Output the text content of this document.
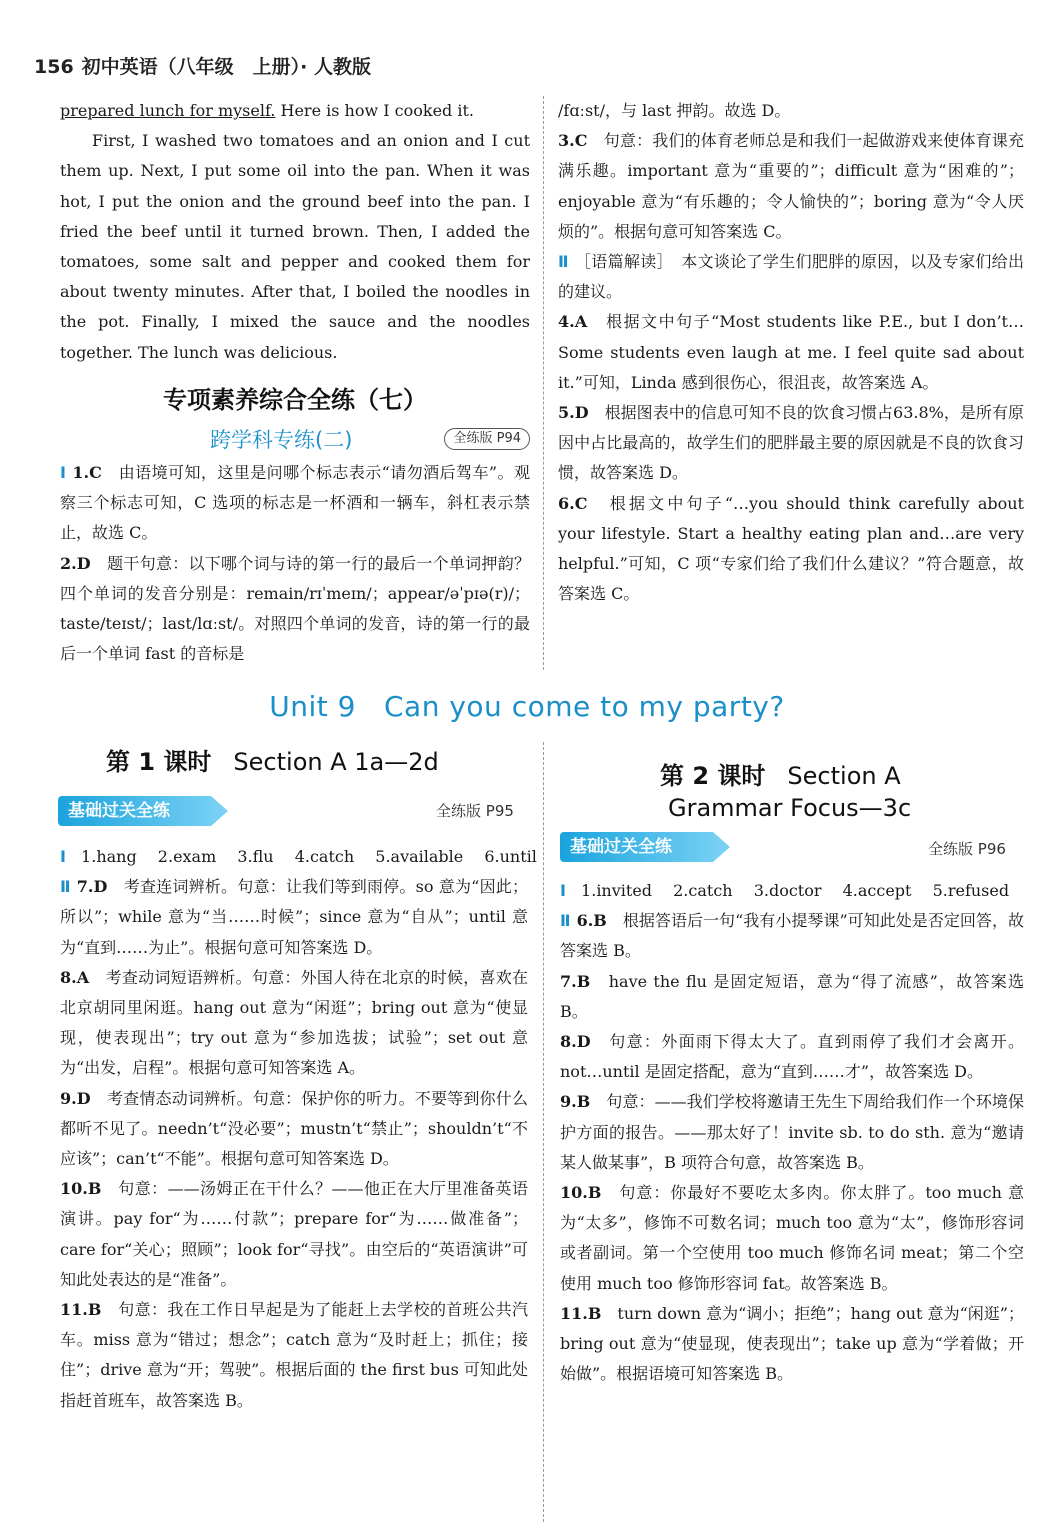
156 初中英语（八年级　上册）· 人教版

prepared lunch for myself. Here is how I cooked it.

First, I washed two tomatoes and an onion and I cut them up. Next, I put some oil into the pan. When it was hot, I put the onion and the ground beef into the pan. I fried the beef until it turned brown. Then, I added the tomatoes, some salt and pepper and cooked them for about twenty minutes. After that, I boiled the noodles in the pot. Finally, I mixed the sauce and the noodles together. The lunch was delicious.

专项素养综合全练（七）
跨学科专练(二)	全练版 P94

Ⅰ 1.C　 由语境可知，这里是问哪个标志表示“请勿酒后驾车”。观察三个标志可知，C 选项的标志是一杯酒和一辆车，斜杠表示禁止，故选 C。

2.D　 题干句意：以下哪个词与诗的第一行的最后一个单词押韵？四个单词的发音分别是：remain/rɪˈmeɪn/；appear/əˈpɪə(r)/；taste/teɪst/；last/lɑːst/。对照四个单词的发音，诗的第一行的最后一个单词 fast 的音标是

/fɑːst/，与 last 押韵。故选 D。

3.C　 句意：我们的体育老师总是和我们一起做游戏来使体育课充满乐趣。important 意为“重要的”；difficult 意为“困难的”；enjoyable 意为“有乐趣的；令人愉快的”；boring 意为“令人厌烦的”。根据句意可知答案选 C。

Ⅱ ［语篇解读］　本文谈论了学生们肥胖的原因，以及专家们给出的建议。

4.A　 根据文中句子“Most students like P.E., but I don’t…Some students even laugh at me. I feel quite sad about it.”可知，Linda 感到很伤心，很沮丧，故答案选 A。

5.D　 根据图表中的信息可知不良的饮食习惯占63.8%，是所有原因中占比最高的，故学生们的肥胖最主要的原因就是不良的饮食习惯，故答案选 D。

6.C　 根据文中句子“…you should think carefully about your lifestyle. Start a healthy eating plan and…are very helpful.”可知，C 项“专家们给了我们什么建议？”符合题意，故答案选 C。

Unit 9 Can you come to my party?
第 1 课时 Section A 1a—2d
基础过关全练	全练版 P95

Ⅰ 1.hang 2.exam 3.flu 4.catch 5.available 6.until

Ⅱ 7.D　 考查连词辨析。句意：让我们等到雨停。so 意为“因此；所以”；while 意为“当……时候”；since 意为“自从”；until 意为“直到……为止”。根据句意可知答案选 D。

8.A　 考查动词短语辨析。句意：外国人待在北京的时候，喜欢在北京胡同里闲逛。hang out 意为“闲逛”；bring out 意为“使显现，使表现出”；try out 意为“参加选拔；试验”；set out 意为“出发，启程”。根据句意可知答案选 A。

9.D　 考查情态动词辨析。句意：保护你的听力。不要等到你什么都听不见了。needn’t“没必要”；mustn’t“禁止”；shouldn’t“不应该”；can’t“不能”。根据句意可知答案选 D。

10.B　 句意：——汤姆正在干什么？——他正在大厅里准备英语演讲。pay for“为……付款”；prepare for“为……做准备”；care for“关心；照顾”；look for“寻找”。由空后的“英语演讲”可知此处表达的是“准备”。

11.B　 句意：我在工作日早起是为了能赶上去学校的首班公共汽车。miss 意为“错过；想念”；catch 意为“及时赶上；抓住；接住”；drive 意为“开；驾驶”。根据后面的 the first bus 可知此处指赶首班车，故答案选 B。

第 2 课时 Section A
Grammar Focus—3c
基础过关全练	全练版 P96

Ⅰ 1.invited 2.catch 3.doctor 4.accept 5.refused

Ⅱ 6.B　 根据答语后一句“我有小提琴课”可知此处是否定回答，故答案选 B。

7.B　 have the flu 是固定短语，意为“得了流感”，故答案选 B。

8.D　 句意：外面雨下得太大了。直到雨停了我们才会离开。not…until 是固定搭配，意为“直到……才”，故答案选 D。

9.B　 句意：——我们学校将邀请王先生下周给我们作一个环境保护方面的报告。——那太好了！invite sb. to do sth. 意为“邀请某人做某事”，B 项符合句意，故答案选 B。

10.B　 句意：你最好不要吃太多肉。你太胖了。too much 意为“太多”，修饰不可数名词；much too 意为“太”，修饰形容词或者副词。第一个空使用 too much 修饰名词 meat；第二个空使用 much too 修饰形容词 fat。故答案选 B。

11.B　 turn down 意为“调小；拒绝”；hang out 意为“闲逛”；bring out 意为“使显现，使表现出”；take up 意为“学着做；开始做”。根据语境可知答案选 B。
